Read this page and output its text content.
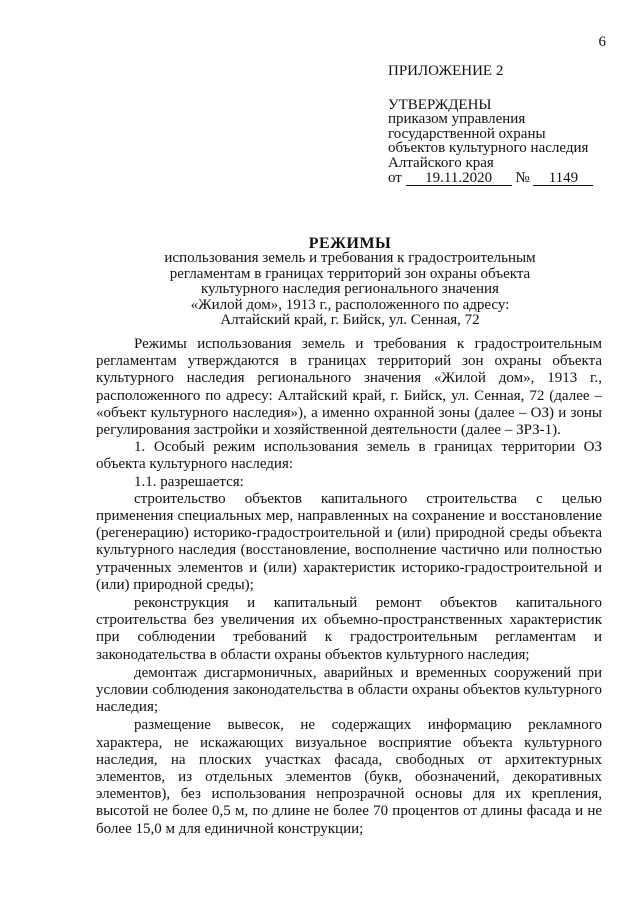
6
ПРИЛОЖЕНИЕ 2
УТВЕРЖДЕНЫ
приказом управления
государственной охраны
объектов культурного наследия
Алтайского края
от 19.11.2020 № 1149
РЕЖИМЫ
использования земель и требования к градостроительным
регламентам в границах территорий зон охраны объекта
культурного наследия регионального значения
«Жилой дом», 1913 г., расположенного по адресу:
Алтайский край, г. Бийск, ул. Сенная, 72

Режимы использования земель и требования к градостроительным регламентам утверждаются в границах территорий зон охраны объекта культурного наследия регионального значения «Жилой дом», 1913 г., расположенного по адресу: Алтайский край, г. Бийск, ул. Сенная, 72 (далее – «объект культурного наследия»), а именно охранной зоны (далее – ОЗ) и зоны регулирования застройки и хозяйственной деятельности (далее – ЗРЗ-1).

1. Особый режим использования земель в границах территории ОЗ объекта культурного наследия:

1.1. разрешается:

строительство объектов капитального строительства с целью применения специальных мер, направленных на сохранение и восстановление (регенерацию) историко-градостроительной и (или) природной среды объекта культурного наследия (восстановление, восполнение частично или полностью утраченных элементов и (или) характеристик историко-градостроительной и (или) природной среды);

реконструкция и капитальный ремонт объектов капитального строительства без увеличения их объемно-пространственных характеристик при соблюдении требований к градостроительным регламентам и законодательства в области охраны объектов культурного наследия;

демонтаж дисгармоничных, аварийных и временных сооружений при условии соблюдения законодательства в области охраны объектов культурного наследия;

размещение вывесок, не содержащих информацию рекламного характера, не искажающих визуальное восприятие объекта культурного наследия, на плоских участках фасада, свободных от архитектурных элементов, из отдельных элементов (букв, обозначений, декоративных элементов), без использования непрозрачной основы для их крепления, высотой не более 0,5 м, по длине не более 70 процентов от длины фасада и не более 15,0 м для единичной конструкции;
